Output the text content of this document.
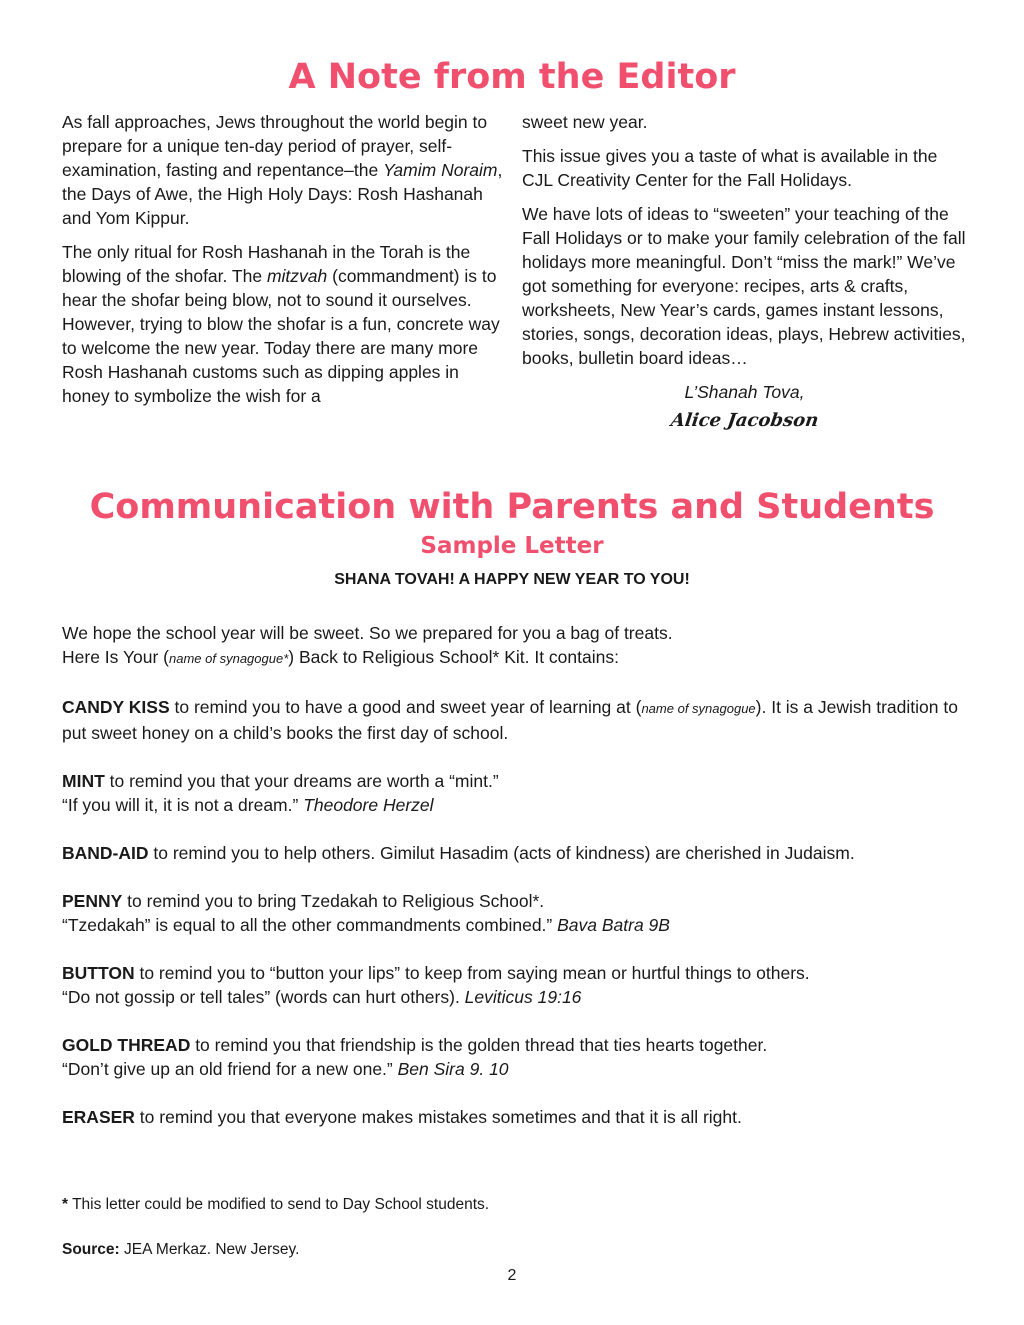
A Note from the Editor

As fall approaches, Jews throughout the world begin to prepare for a unique ten-day period of prayer, self-examination, fasting and repentance–the Yamim Noraim, the Days of Awe, the High Holy Days: Rosh Hashanah and Yom Kippur.

The only ritual for Rosh Hashanah in the Torah is the blowing of the shofar. The mitzvah (commandment) is to hear the shofar being blow, not to sound it ourselves. However, trying to blow the shofar is a fun, concrete way to welcome the new year. Today there are many more Rosh Hashanah customs such as dipping apples in honey to symbolize the wish for a

sweet new year.

This issue gives you a taste of what is available in the CJL Creativity Center for the Fall Holidays.

We have lots of ideas to “sweeten” your teaching of the Fall Holidays or to make your family celebration of the fall holidays more meaningful. Don’t “miss the mark!” We’ve got something for everyone: recipes, arts & crafts, worksheets, New Year’s cards, games instant lessons, stories, songs, decoration ideas, plays, Hebrew activities, books, bulletin board ideas…

L’Shanah Tova,
Alice Jacobson
Communication with Parents and Students
Sample Letter
SHANA TOVAH! A HAPPY NEW YEAR TO YOU!

We hope the school year will be sweet. So we prepared for you a bag of treats.
Here Is Your (name of synagogue*) Back to Religious School* Kit. It contains:

CANDY KISS to remind you to have a good and sweet year of learning at (name of synagogue). It is a Jewish tradition to put sweet honey on a child’s books the first day of school.

MINT to remind you that your dreams are worth a “mint.”
“If you will it, it is not a dream.” Theodore Herzel

BAND-AID to remind you to help others. Gimilut Hasadim (acts of kindness) are cherished in Judaism.

PENNY to remind you to bring Tzedakah to Religious School*.
“Tzedakah” is equal to all the other commandments combined.” Bava Batra 9B

BUTTON to remind you to “button your lips” to keep from saying mean or hurtful things to others.
“Do not gossip or tell tales” (words can hurt others). Leviticus 19:16

GOLD THREAD to remind you that friendship is the golden thread that ties hearts together.
“Don’t give up an old friend for a new one.” Ben Sira 9. 10

ERASER to remind you that everyone makes mistakes sometimes and that it is all right.

* This letter could be modified to send to Day School students.
Source: JEA Merkaz. New Jersey.
2
